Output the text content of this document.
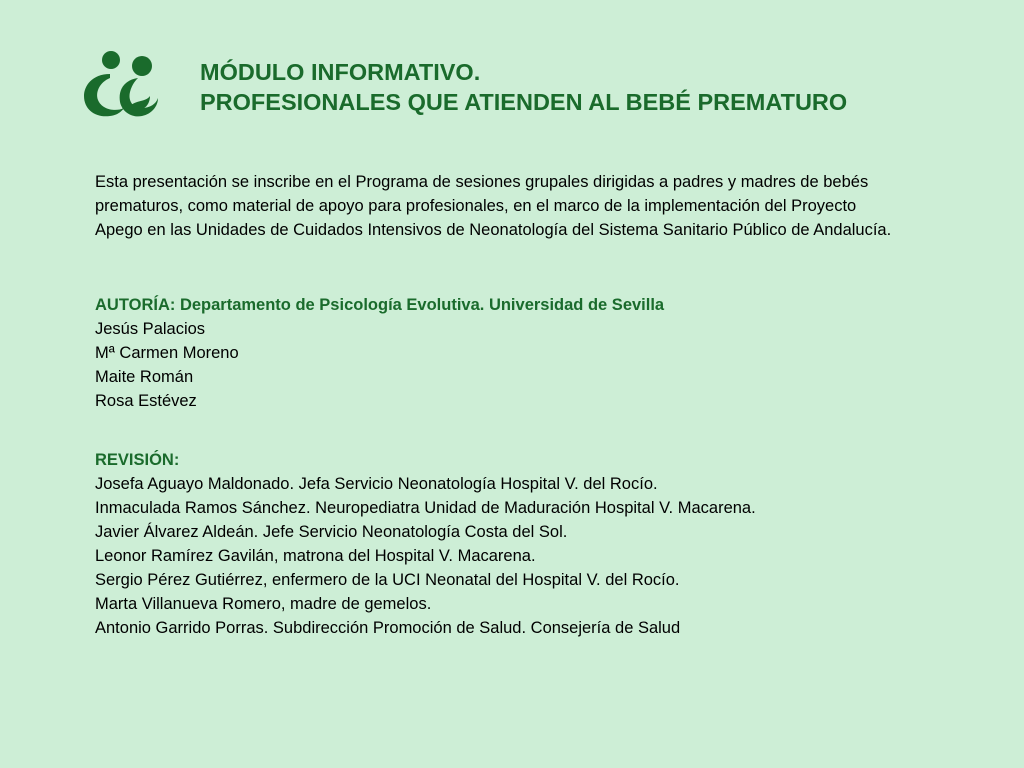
MÓDULO INFORMATIVO.
PROFESIONALES QUE ATIENDEN AL BEBÉ PREMATURO
Esta presentación se inscribe en el Programa de sesiones grupales dirigidas a padres y madres de bebés
prematuros, como material de apoyo para profesionales, en el marco de la implementación del Proyecto
Apego en las Unidades de Cuidados Intensivos de Neonatología del Sistema Sanitario Público de Andalucía.
AUTORÍA: Departamento de Psicología Evolutiva. Universidad de Sevilla
Jesús Palacios
Mª Carmen Moreno
Maite Román
Rosa Estévez
REVISIÓN:
Josefa Aguayo Maldonado. Jefa Servicio Neonatología Hospital V. del Rocío.
Inmaculada Ramos Sánchez. Neuropediatra Unidad de Maduración Hospital V. Macarena.
Javier Álvarez Aldeán. Jefe Servicio Neonatología Costa del Sol.
Leonor Ramírez Gavilán, matrona del Hospital V. Macarena.
Sergio Pérez Gutiérrez, enfermero de la UCI Neonatal del Hospital V. del Rocío.
Marta Villanueva Romero, madre de gemelos.
Antonio Garrido Porras. Subdirección Promoción de Salud. Consejería de Salud
